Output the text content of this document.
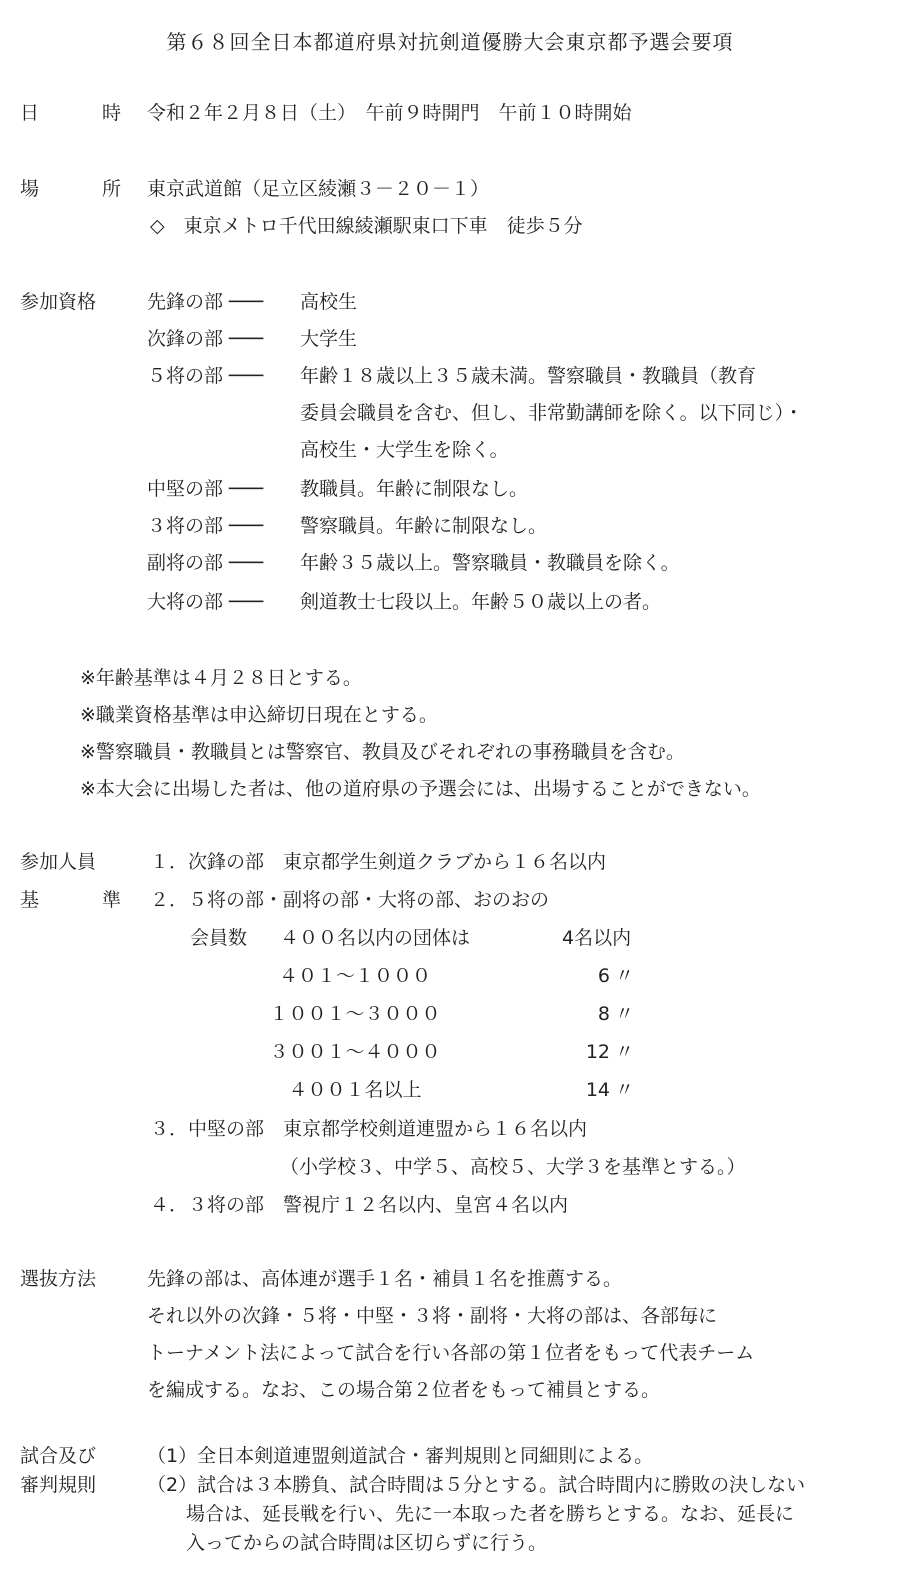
第６８回全日本都道府県対抗剣道優勝大会東京都予選会要項
日　時 令和２年２月８日（土）　午前９時開門　午前１０時開始
場　所 東京武道館（足立区綾瀬３－２０－１）
◇　東京メトロ千代田線綾瀬駅東口下車　徒歩５分
参加資格	先鋒の部 ─── 高校生
次鋒の部 ─── 大学生
５将の部 ─── 年齢１８歳以上３５歳未満。警察職員・教職員（教育
委員会職員を含む、但し、非常勤講師を除く。以下同じ）・
高校生・大学生を除く。
中堅の部 ─── 教職員。年齢に制限なし。
３将の部 ─── 警察職員。年齢に制限なし。
副将の部 ─── 年齢３５歳以上。警察職員・教職員を除く。
大将の部 ─── 剣道教士七段以上。年齢５０歳以上の者。
※年齢基準は４月２８日とする。
※職業資格基準は申込締切日現在とする。
※警察職員・教職員とは警察官、教員及びそれぞれの事務職員を含む。
※本大会に出場した者は、他の道府県の予選会には、出場することができない。
参加人員	１．次鋒の部　東京都学生剣道クラブから１６名以内
基　準 ２．５将の部・副将の部・大将の部、おのおの
会員数 ４００名以内の団体は	4名以内
４０１～１０００	6 〃
１００１～３０００	8 〃
３００１～４０００	12 〃
４００１名以上	14 〃
３．中堅の部　東京都学校剣道連盟から１６名以内
（小学校３、中学５、高校５、大学３を基準とする。）
４．３将の部　警視庁１２名以内、皇宮４名以内
選抜方法	先鋒の部は、高体連が選手１名・補員１名を推薦する。
それ以外の次鋒・５将・中堅・３将・副将・大将の部は、各部毎に
トーナメント法によって試合を行い各部の第１位者をもって代表チーム
を編成する。なお、この場合第２位者をもって補員とする。
試合及び	（1）全日本剣道連盟剣道試合・審判規則と同細則による。
審判規則	（2）試合は３本勝負、試合時間は５分とする。試合時間内に勝敗の決しない
場合は、延長戦を行い、先に一本取った者を勝ちとする。なお、延長に
入ってからの試合時間は区切らずに行う。
